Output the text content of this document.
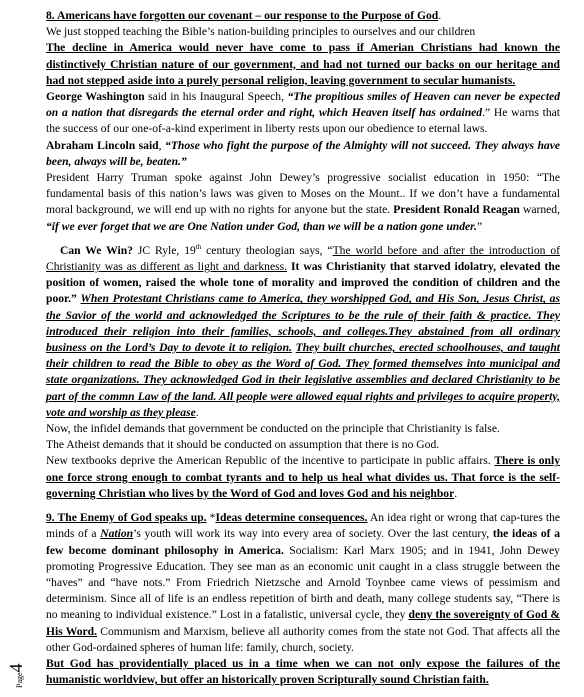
8. Americans have forgotten our covenant – our response to the Purpose of God.
We just stopped teaching the Bible’s nation-building principles to ourselves and our children
The decline in America would never have come to pass if Amerian Christians had known the distinctively Christian nature of our government, and had not turned our backs on our heritage and had not stepped aside into a purely personal religion, leaving government to secular humanists.
George Washington said in his Inaugural Speech, “The propitious smiles of Heaven can never be expected on a nation that disregards the eternal order and right, which Heaven itself has ordained.” He warns that the success of our one-of-a-kind experiment in liberty rests upon our obedience to eternal laws.
Abraham Lincoln said, “Those who fight the purpose of the Almighty will not succeed. They always have been, always will be, beaten.”
President Harry Truman spoke against John Dewey’s progressive socialist education in 1950: “The fundamental basis of this nation’s laws was given to Moses on the Mount.. If we don’t have a fundamental moral background, we will end up with no rights for anyone but the state. President Ronald Reagan warned, “if we ever forget that we are One Nation under God, than we will be a nation gone under.”

Can We Win? JC Ryle, 19th century theologian says, “The world before and after the introduction of Christianity was as different as light and darkness. It was Christianity that starved idolatry, elevated the position of women, raised the whole tone of morality and improved the condition of children and the poor.” When Protestant Christians came to America, they worshipped God, and His Son, Jesus Christ, as the Savior of the world and acknowledged the Scriptures to be the rule of their faith & practice. They introduced their religion into their families, schools, and colleges.They abstained from all ordinary business on the Lord’s Day to devote it to religion. They built churches, erected schoolhouses, and taught their children to read the Bible to obey as the Word of God. They formed themselves into municipal and state organizations. They acknowledged God in their legislative assemblies and declared Christianity to be part of the commn Law of the land. All people were allowed equal rights and privileges to acquire property, vote and worship as they please.
Now, the infidel demands that government be conducted on the principle that Christianity is false.
The Atheist demands that it should be conducted on assumption that there is no God.
New textbooks deprive the American Republic of the incentive to participate in public affairs. There is only one force strong enough to combat tyrants and to help us heal what divides us. That force is the self-governing Christian who lives by the Word of God and loves God and his neighbor.

9. The Enemy of God speaks up. *Ideas determine consequences. An idea right or wrong that cap-tures the minds of a Nation’s youth will work its way into every area of society. Over the last century, the ideas of a few become dominant philosophy in America. Socialism: Karl Marx 1905; and in 1941, John Dewey promoting Progressive Education. They see man as an economic unit caught in a class struggle between the “haves” and “have nots.” From Friedrich Nietzsche and Arnold Toynbee came views of pessimism and determinism. Since all of life is an endless repetition of birth and death, many college students say, “There is no meaning to individual existence.” Lost in a fatalistic, universal cycle, they deny the sovereignty of God & His Word. Communism and Marxism, believe all authority comes from the state not God. That affects all the other God-ordained spheres of human life: family, church, society.
But God has providentially placed us in a time when we can not only expose the failures of the humanistic worldview, but offer an historically proven Scripturally sound Christian faith.

Page4
